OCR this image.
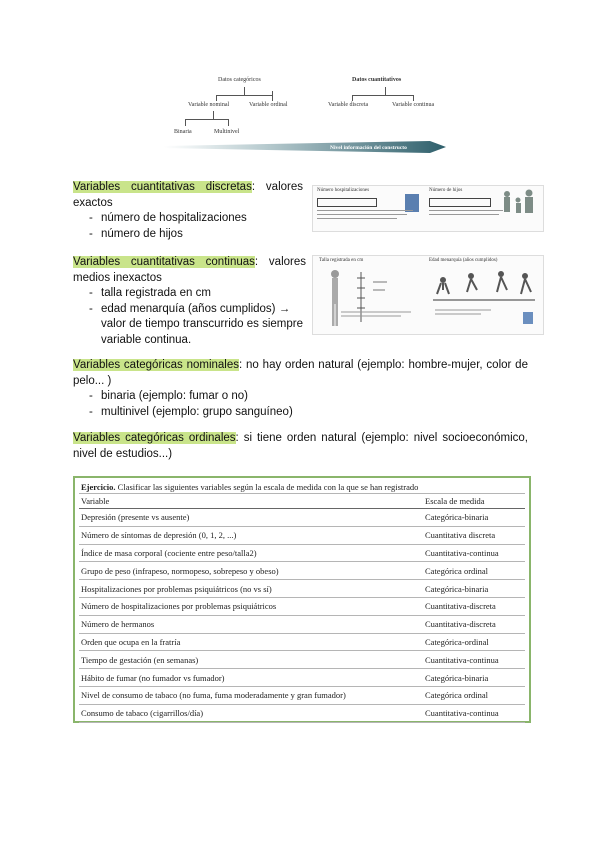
Datos categóricos	Datos cuantitativos
Variable nominal	Variable ordinal	Variable discreta	Variable continua
Binaria	Multinivel
Nivel información del constructo
Variables cuantitativas discretas: valores exactos
- número de hospitalizaciones
- número de hijos
Número hospitalizaciones	Número de hijos
Variables cuantitativas continuas: valores medios inexactos
- talla registrada en cm
- edad menarquía (años cumplidos) → valor de tiempo transcurrido es siempre variable continua.
Talla registrada en cm	Edad menarquía (años cumplidos)
Variables categóricas nominales: no hay orden natural (ejemplo: hombre-mujer, color de pelo... )
- binaria (ejemplo: fumar o no)
- multinivel (ejemplo: grupo sanguíneo)
Variables categóricas ordinales: si tiene orden natural (ejemplo: nivel socioeconómico, nivel de estudios...)
Ejercicio. Clasificar las siguientes variables según la escala de medida con la que se han registrado	
Variable	Escala de medida
Depresión (presente vs ausente)	Categórica-binaria
Número de síntomas de depresión (0, 1, 2, ...)	Cuantitativa discreta
Índice de masa corporal (cociente entre peso/talla2)	Cuantitativa-continua
Grupo de peso (infrapeso, normopeso, sobrepeso y obeso)	Categórica ordinal
Hospitalizaciones por problemas psiquiátricos (no vs sí)	Categórica-binaria
Número de hospitalizaciones por problemas psiquiátricos	Cuantitativa-discreta
Número de hermanos	Cuantitativa-discreta
Orden que ocupa en la fratría	Categórica-ordinal
Tiempo de gestación (en semanas)	Cuantitativa-continua
Hábito de fumar (no fumador vs fumador)	Categórica-binaria
Nivel de consumo de tabaco (no fuma, fuma moderadamente y gran fumador)	Categórica ordinal
Consumo de tabaco (cigarrillos/día)	Cuantitativa-continua
